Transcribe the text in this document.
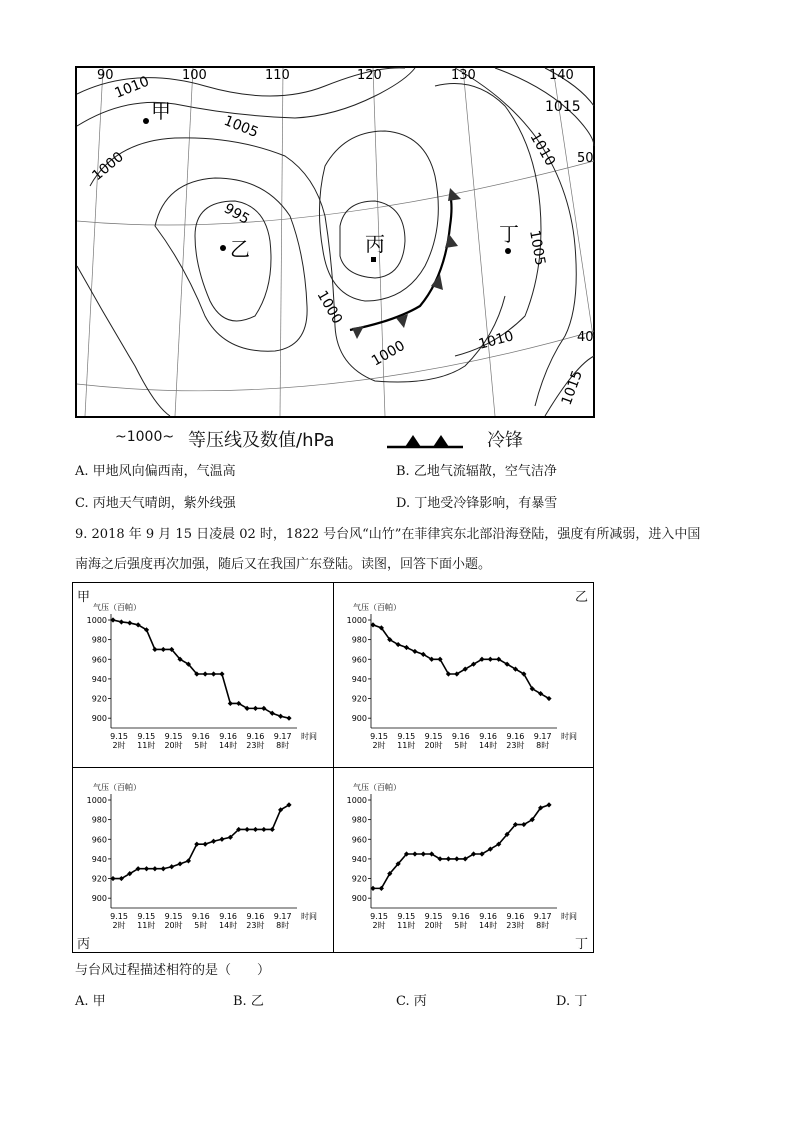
90	100	110	120	130	140
50
40
1010
1005
1000
995
1000
1000	1010
1005
1015
1010
1015
甲
乙	丙	丁
~1000~ 等压线及数值/hPa	冷锋
A. 甲地风向偏西南，气温高	B. 乙地气流辐散，空气洁净
C. 丙地天气晴朗，紫外线强	D. 丁地受冷锋影响，有暴雪
9. 2018 年 9 月 15 日凌晨 02 时，1822 号台风“山竹”在菲律宾东北部沿海登陆，强度有所减弱，进入中国
南海之后强度再次加强，随后又在我国广东登陆。读图，回答下面小题。
甲	乙
丙	丁
气压（百帕）
1000
980
960
940
920
900
9.15
2时
9.15
11时
9.15
20时
9.16
5时
9.16
14时
9.16
23时
9.17
8时
时间
气压（百帕）
1000
980
960
940
920
900
9.15
2时
9.15
11时
9.15
20时
9.16
5时
9.16
14时
9.16
23时
9.17
8时
时间
气压（百帕）
1000
980
960
940
920
900
9.15
2时
9.15
11时
9.15
20时
9.16
5时
9.16
14时
9.16
23时
9.17
8时
时间
气压（百帕）
1000
980
960
940
920
900
9.15
2时
9.15
11时
9.15
20时
9.16
5时
9.16
14时
9.16
23时
9.17
8时
时间
与台风过程描述相符的是（　　）
A. 甲	B. 乙	C. 丙	D. 丁
